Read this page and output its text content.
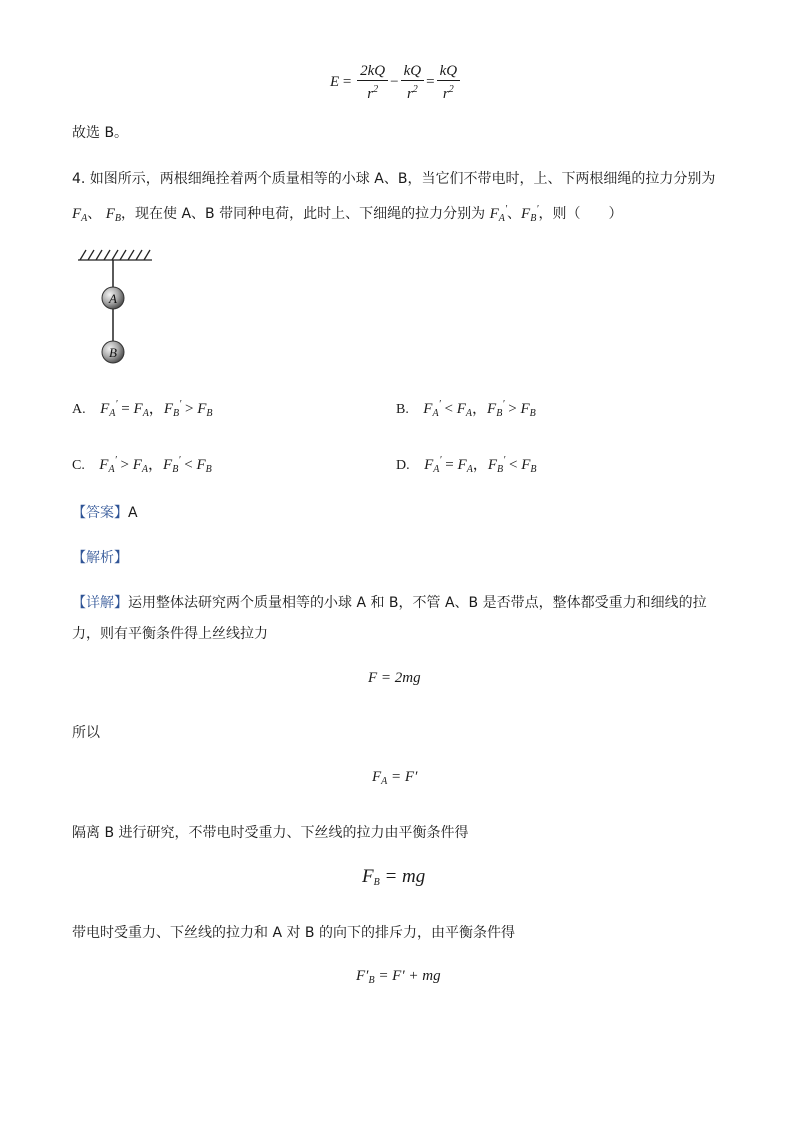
$E = \frac{2kQ}{r^2} - \frac{kQ}{r^2} = \frac{kQ}{r^2}$
故选 B。
4. 如图所示，两根细绳拴着两个质量相等的小球 A、B，当它们不带电时，上、下两根细绳的拉力分别为
$F_A$、 $F_B$，现在使 A、B 带同种电荷，此时上、下细绳的拉力分别为 $F_A'$、$F_B'$，则（　　）
A
B
A. $F_A' = F_A$，$F_B' > F_B$	B. $F_A' < F_A$，$F_B' > F_B$
C. $F_A' > F_A$，$F_B' < F_B$	D. $F_A' = F_A$，$F_B' < F_B$
【答案】A
【解析】
【详解】运用整体法研究两个质量相等的小球 A 和 B，不管 A、B 是否带点，整体都受重力和细线的拉
力，则有平衡条件得上丝线拉力
F = 2mg
所以
$F_A = F'$
隔离 B 进行研究，不带电时受重力、下丝线的拉力由平衡条件得
$F_B$ = mg
带电时受重力、下丝线的拉力和 A 对 B 的向下的排斥力，由平衡条件得
$F'_B = F'$ + mg
